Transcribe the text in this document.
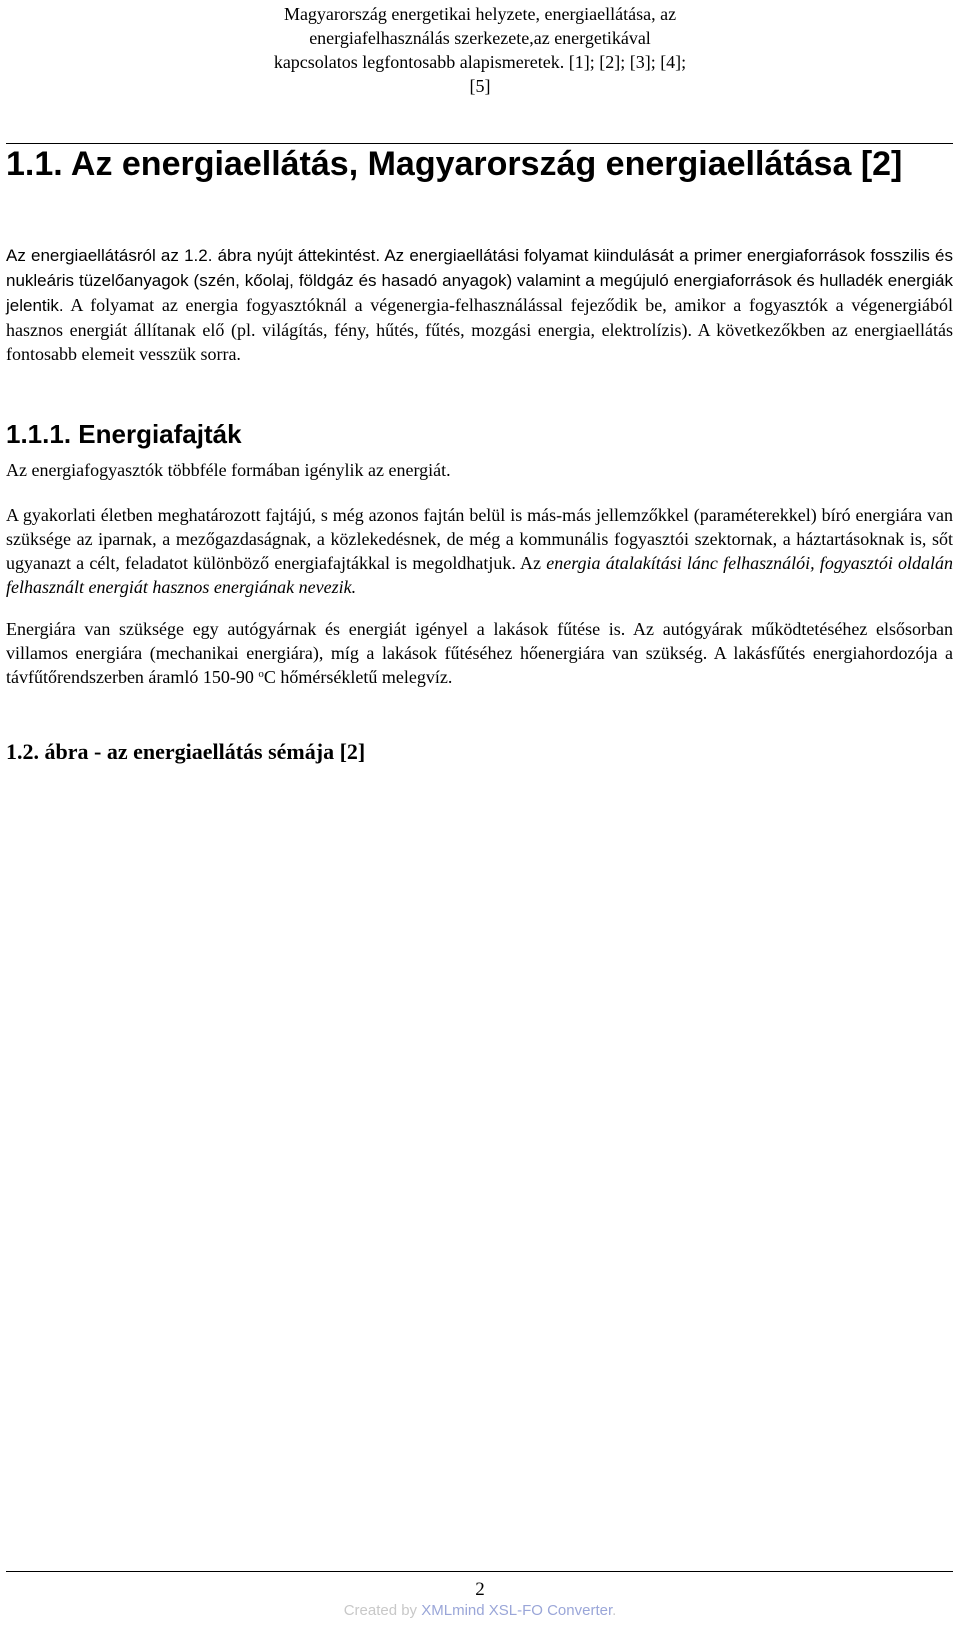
Magyarország energetikai helyzete, energiaellátása, az energiafelhasználás szerkezete,az energetikával kapcsolatos legfontosabb alapismeretek. [1]; [2]; [3]; [4]; [5]
1.1. Az energiaellátás, Magyarország energiaellátása [2]

Az energiaellátásról az 1.2. ábra nyújt áttekintést. Az energiaellátási folyamat kiindulását a primer energiaforrások fosszilis és nukleáris tüzelőanyagok (szén, kőolaj, földgáz és hasadó anyagok) valamint a megújuló energiaforrások és hulladék energiák jelentik. A folyamat az energia fogyasztóknál a végenergia-felhasználással fejeződik be, amikor a fogyasztók a végenergiából hasznos energiát állítanak elő (pl. világítás, fény, hűtés, fűtés, mozgási energia, elektrolízis). A következőkben az energiaellátás fontosabb elemeit vesszük sorra.

1.1.1. Energiafajták

Az energiafogyasztók többféle formában igénylik az energiát.

A gyakorlati életben meghatározott fajtájú, s még azonos fajtán belül is más-más jellemzőkkel (paraméterekkel) bíró energiára van szüksége az iparnak, a mezőgazdaságnak, a közlekedésnek, de még a kommunális fogyasztói szektornak, a háztartásoknak is, sőt ugyanazt a célt, feladatot különböző energiafajtákkal is megoldhatjuk. Az energia átalakítási lánc felhasználói, fogyasztói oldalán felhasznált energiát hasznos energiának nevezik.

Energiára van szüksége egy autógyárnak és energiát igényel a lakások fűtése is. Az autógyárak működtetéséhez elsősorban villamos energiára (mechanikai energiára), míg a lakások fűtéséhez hőenergiára van szükség. A lakásfűtés energiahordozója a távfűtőrendszerben áramló 150-90 $^o$C hőmérsékletű melegvíz.

1.2. ábra - az energiaellátás sémája [2]
2
Created by XMLmind XSL-FO Converter.
